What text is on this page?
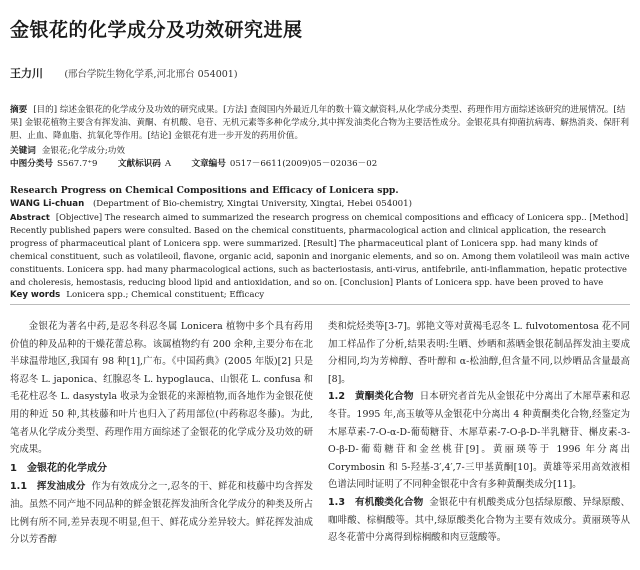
金银花的化学成分及功效研究进展
王力川 (邢台学院生物化学系,河北邢台 054001)
摘要 [目的] 综述金银花的化学成分及功效的研究成果。[方法] 查阅国内外最近几年的数十篇文献资料,从化学成分类型、药理作用方面综述该研究的进展情况。[结果] 金银花植物主要含有挥发油、黄酮、有机酸、皂苷、无机元素等多种化学成分,其中挥发油类化合物为主要活性成分。金银花具有抑菌抗病毒、解热消炎、保肝利胆、止血、降血脂、抗氧化等作用。[结论] 金银花有进一步开发的药用价值。
关键词 金银花;化学成分;功效
中图分类号 S567.7⁺9 文献标识码 A 文章编号 0517－6611(2009)05－02036－02
Research Progress on Chemical Compositions and Efficacy of Lonicera spp.
WANG Li-chuan (Department of Bio-chemistry, Xingtai University, Xingtai, Hebei 054001)
Abstract [Objective] The research aimed to summarized the research progress on chemical compositions and efficacy of Lonicera spp.. [Method] Recently published papers were consulted. Based on the chemical constituents, pharmacological action and clinical application, the research progress of pharmaceutical plant of Lonicera spp. were summarized. [Result] The pharmaceutical plant of Lonicera spp. had many kinds of chemical constituent, such as volatileoil, flavone, organic acid, saponin and inorganic elements, and so on. Among them volatileoil was main active constituents. Lonicera spp. had many pharmacological actions, such as bacteriostasis, anti-virus, antifebrile, anti-inflammation, hepatic protective and choleresis, hemostasis, reducing blood lipid and antioxidation, and so on. [Conclusion] Plants of Lonicera spp. have been proved to have
Key words Lonicera spp.; Chemical constituent; Efficacy

金银花为著名中药,是忍冬科忍冬属 Lonicera 植物中多个具有药用价值的种及品种的干燥花蕾总称。该属植物约有 200 余种,主要分布在北半球温带地区,我国有 98 种[1],广布。《中国药典》(2005 年版)[2] 只是将忍冬 L. japonica、红腺忍冬 L. hypoglauca、山银花 L. confusa 和毛花柱忍冬 L. dasystyla 收录为金银花的来源植物,而各地作为金银花使用的种近 50 种,其枝藤和叶片也归入了药用部位(中药称忍冬藤)。为此,笔者从化学成分类型、药理作用方面综述了金银花的化学成分及功效的研究成果。

1　金银花的化学成分

1.1　挥发油成分 作为有效成分之一,忍冬的干、鲜花和枝藤中均含挥发油。虽然不同产地不同品种的鲜金银花挥发油所含化学成分的种类及所占比例有所不同,差异表现不明显,但干、鲜花成分差异较大。鲜花挥发油成分以芳香醇

类和烷烃类等[3-7]。郭艳文等对黄褐毛忍冬 L. fulvotomentosa 花不同加工样品作了分析,结果表明:生晒、炒晒和蒸晒金银花制品挥发油主要成分相同,均为芳樟醇、香叶醇和 α-松油醇,但含量不同,以炒晒品含量最高[8]。

1.2　黄酮类化合物 日本研究者首先从金银花中分离出了木犀草素和忍冬苷。1995 年,高玉敏等从金银花中分离出 4 种黄酮类化合物,经鉴定为木犀草素-7-O-α-D-葡萄糖苷、木犀草素-7-O-β-D-半乳糖苷、槲皮素-3-O-β-D-葡萄糖苷和金丝桃苷[9]。黄丽瑛等于 1996 年分离出 Corymbosin 和 5-羟基-3′,4′,7-三甲基黄酮[10]。黄雄等采用高效液相色谱法同时证明了不同种金银花中含有多种黄酮类成分[11]。

1.3　有机酸类化合物 金银花中有机酸类成分包括绿原酸、异绿原酸、咖啡酸、棕榈酸等。其中,绿原酸类化合物为主要有效成分。黄丽瑛等从忍冬花蕾中分离得到棕榈酸和肉豆蔻酸等。
